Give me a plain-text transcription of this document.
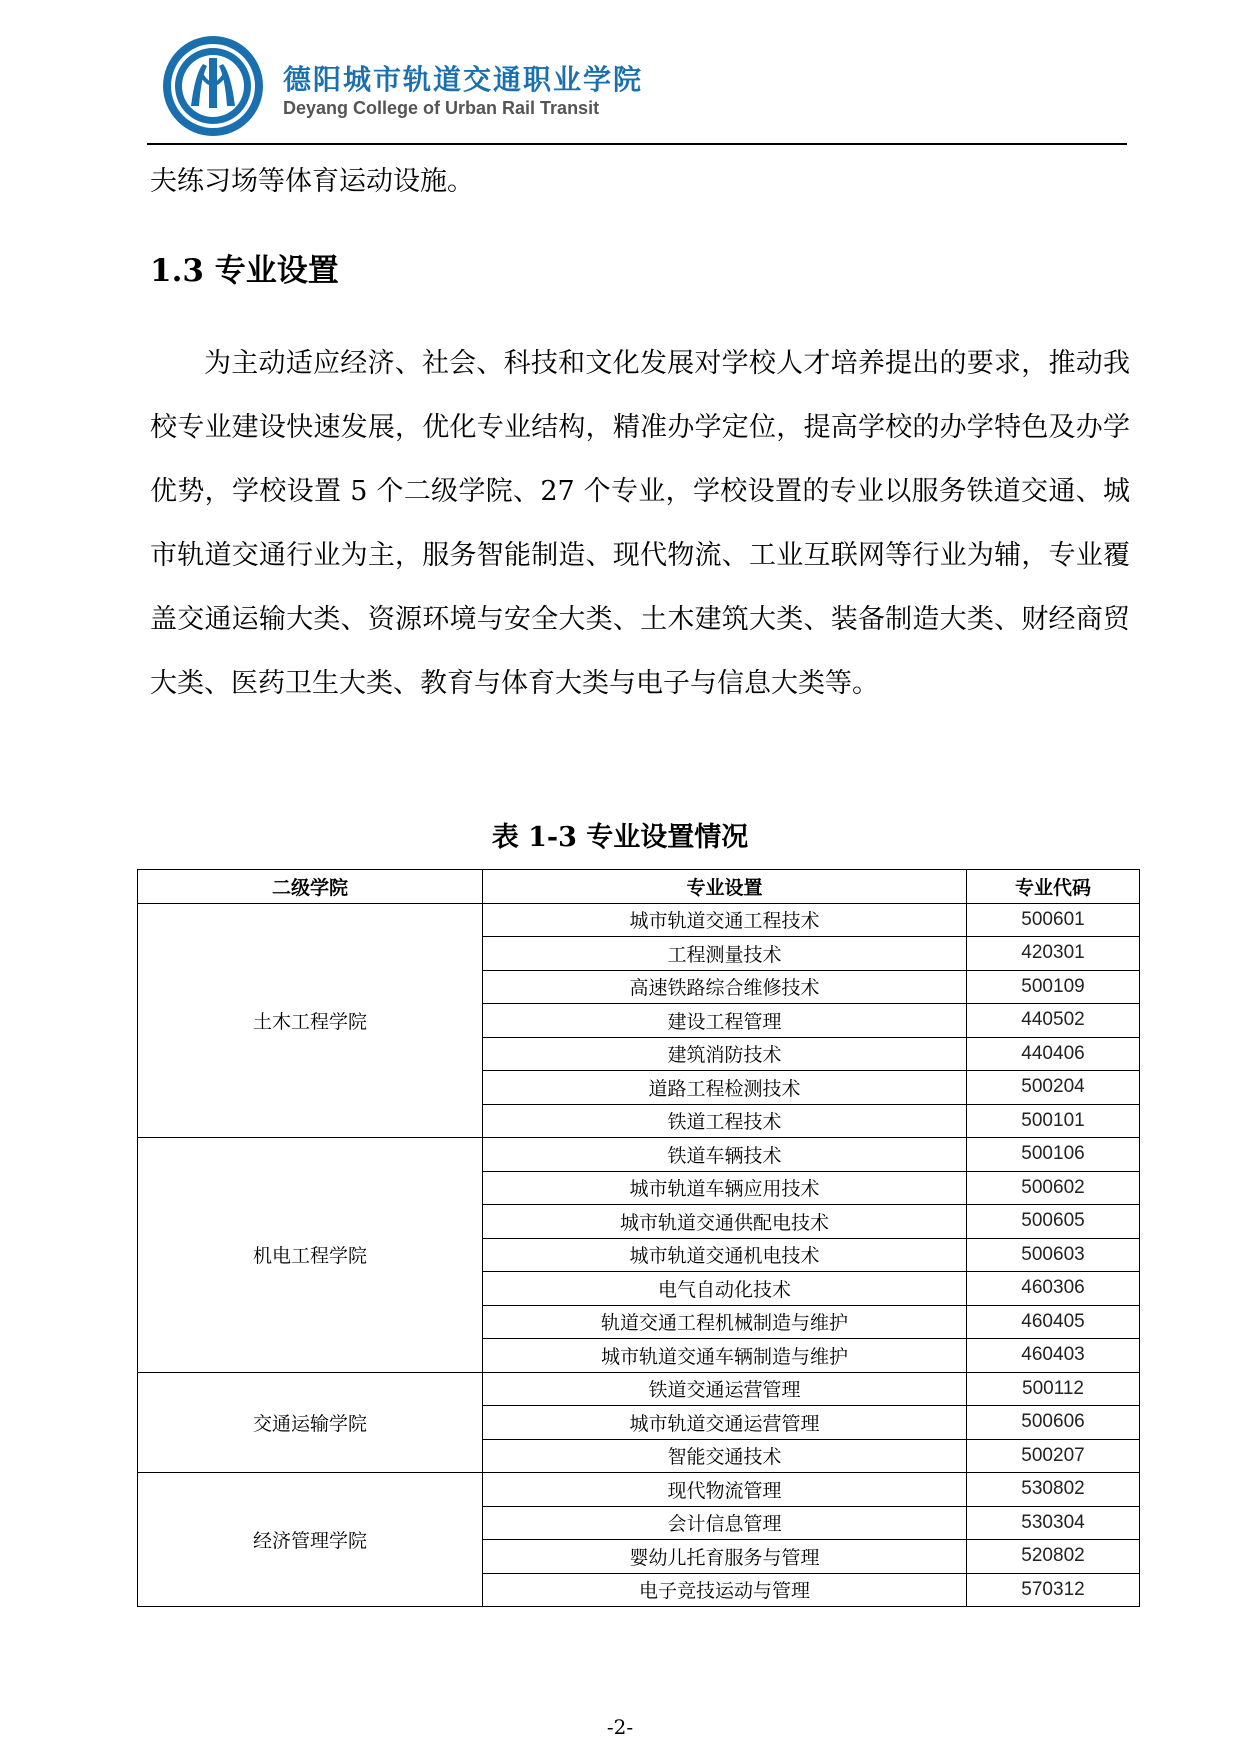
德阳城市轨道交通职业学院
Deyang College of Urban Rail Transit
夫练习场等体育运动设施。
1.3 专业设置
为主动适应经济、社会、科技和文化发展对学校人才培养提出的要求，推动我校专业建设快速发展，优化专业结构，精准办学定位，提高学校的办学特色及办学优势，学校设置 5 个二级学院、27 个专业，学校设置的专业以服务铁道交通、城市轨道交通行业为主，服务智能制造、现代物流、工业互联网等行业为辅，专业覆盖交通运输大类、资源环境与安全大类、土木建筑大类、装备制造大类、财经商贸大类、医药卫生大类、教育与体育大类与电子与信息大类等。
表 1-3 专业设置情况
二级学院	专业设置	专业代码
土木工程学院	城市轨道交通工程技术	500601
	工程测量技术	420301
	高速铁路综合维修技术	500109
	建设工程管理	440502
	建筑消防技术	440406
	道路工程检测技术	500204
	铁道工程技术	500101
机电工程学院	铁道车辆技术	500106
	城市轨道车辆应用技术	500602
	城市轨道交通供配电技术	500605
	城市轨道交通机电技术	500603
	电气自动化技术	460306
	轨道交通工程机械制造与维护	460405
	城市轨道交通车辆制造与维护	460403
交通运输学院	铁道交通运营管理	500112
	城市轨道交通运营管理	500606
	智能交通技术	500207
经济管理学院	现代物流管理	530802
	会计信息管理	530304
	婴幼儿托育服务与管理	520802
	电子竞技运动与管理	570312
-2-
